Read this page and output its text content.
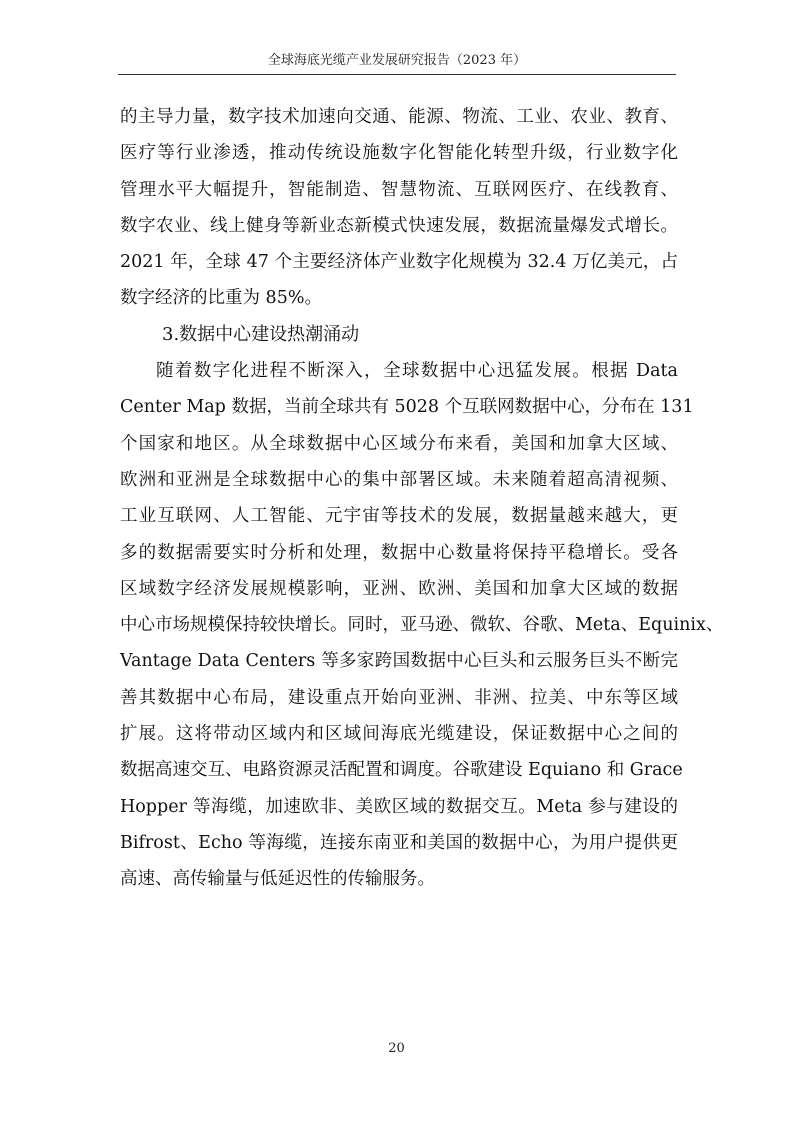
全球海底光缆产业发展研究报告（2023 年）
的主导力量，数字技术加速向交通、能源、物流、工业、农业、教育、
医疗等行业渗透，推动传统设施数字化智能化转型升级，行业数字化
管理水平大幅提升，智能制造、智慧物流、互联网医疗、在线教育、
数字农业、线上健身等新业态新模式快速发展，数据流量爆发式增长。
2021 年，全球 47 个主要经济体产业数字化规模为 32.4 万亿美元，占
数字经济的比重为 85%。
3.数据中心建设热潮涌动
随着数字化进程不断深入，全球数据中心迅猛发展。根据 Data
Center Map 数据，当前全球共有 5028 个互联网数据中心，分布在 131
个国家和地区。从全球数据中心区域分布来看，美国和加拿大区域、
欧洲和亚洲是全球数据中心的集中部署区域。未来随着超高清视频、
工业互联网、人工智能、元宇宙等技术的发展，数据量越来越大，更
多的数据需要实时分析和处理，数据中心数量将保持平稳增长。受各
区域数字经济发展规模影响，亚洲、欧洲、美国和加拿大区域的数据
中心市场规模保持较快增长。同时，亚马逊、微软、谷歌、Meta、Equinix、
Vantage Data Centers 等多家跨国数据中心巨头和云服务巨头不断完
善其数据中心布局，建设重点开始向亚洲、非洲、拉美、中东等区域
扩展。这将带动区域内和区域间海底光缆建设，保证数据中心之间的
数据高速交互、电路资源灵活配置和调度。谷歌建设 Equiano 和 Grace
Hopper 等海缆，加速欧非、美欧区域的数据交互。Meta 参与建设的
Bifrost、Echo 等海缆，连接东南亚和美国的数据中心，为用户提供更
高速、高传输量与低延迟性的传输服务。
20
